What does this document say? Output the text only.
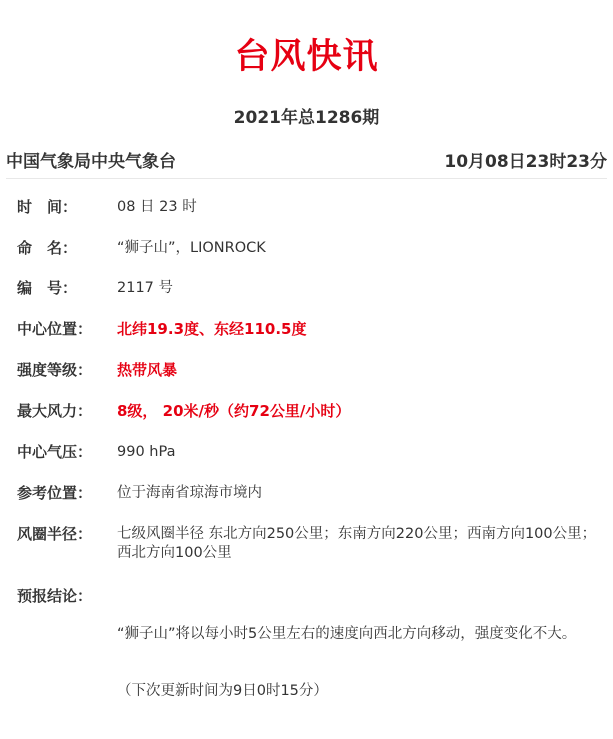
台风快讯
2021年总1286期
中国气象局中央气象台	10月08日23时23分
时　间：	08 日 23 时
命　名：	“狮子山”，LIONROCK
编　号：	2117 号
中心位置：	北纬19.3度、东经110.5度
强度等级：	热带风暴
最大风力：	8级， 20米/秒（约72公里/小时）
中心气压：	990 hPa
参考位置：	位于海南省琼海市境内
风圈半径：	七级风圈半径 东北方向250公里；东南方向220公里；西南方向100公里；西北方向100公里
预报结论：

“狮子山”将以每小时5公里左右的速度向西北方向移动，强度变化不大。

（下次更新时间为9日0时15分）
